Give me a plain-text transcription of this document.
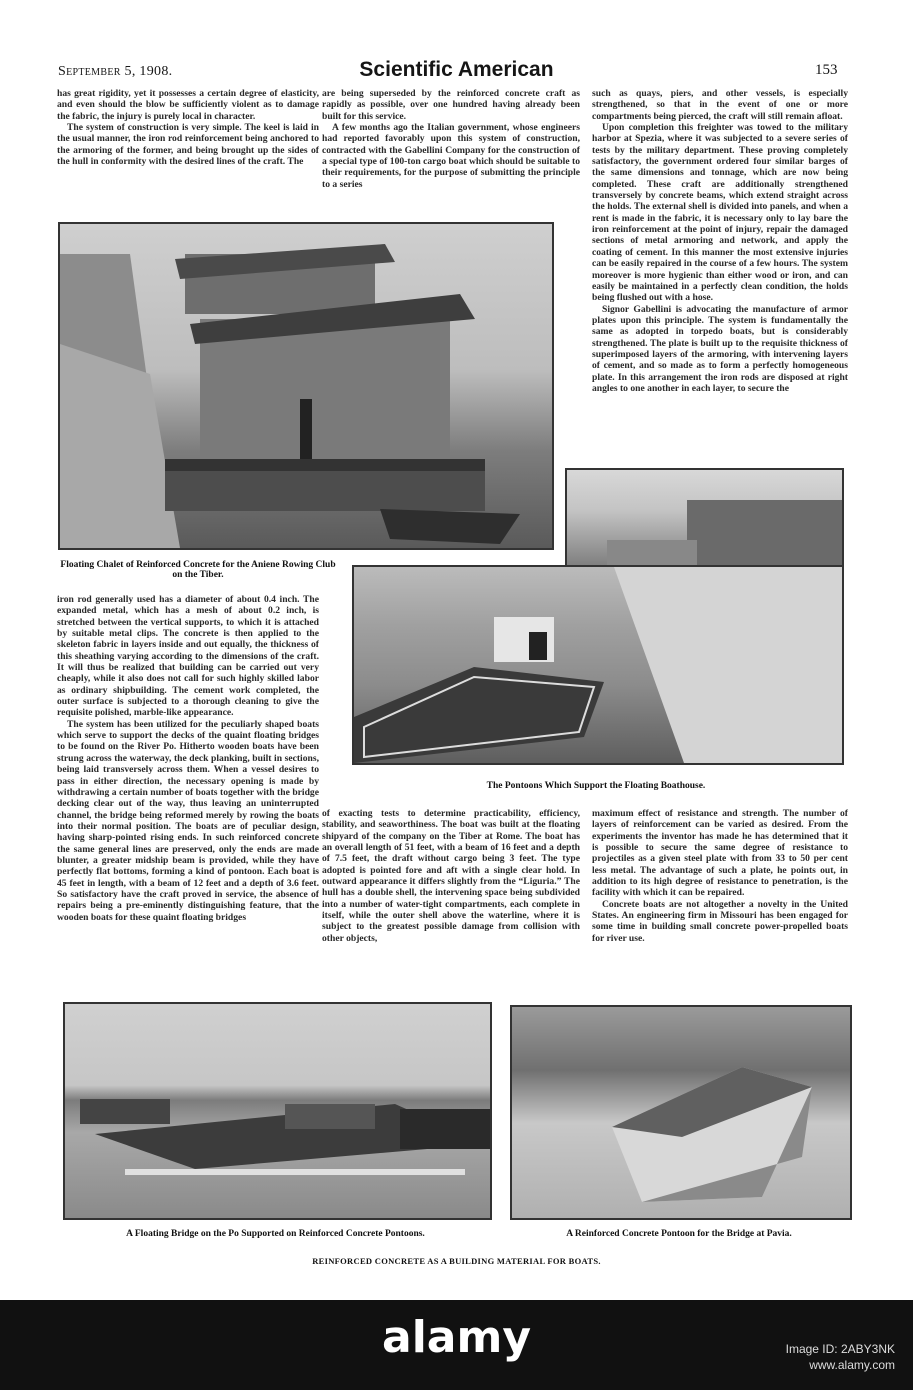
September 5, 1908.	Scientific American	153

has great rigidity, yet it possesses a certain degree of elasticity, and even should the blow be sufficiently violent as to damage the fabric, the injury is purely local in character.

The system of construction is very simple. The keel is laid in the usual manner, the iron rod reinforcement being anchored to the armoring of the former, and being brought up the sides of the hull in conformity with the desired lines of the craft. The

are being superseded by the reinforced concrete craft as rapidly as possible, over one hundred having already been built for this service.

A few months ago the Italian government, whose engineers had reported favorably upon this system of construction, contracted with the Gabellini Company for the construction of a special type of 100-ton cargo boat which should be suitable to their requirements, for the purpose of submitting the principle to a series

such as quays, piers, and other vessels, is especially strengthened, so that in the event of one or more compartments being pierced, the craft will still remain afloat.

Upon completion this freighter was towed to the military harbor at Spezia, where it was subjected to a severe series of tests by the military department. These proving completely satisfactory, the government ordered four similar barges of the same dimensions and tonnage, which are now being completed. These craft are additionally strengthened transversely by concrete beams, which extend straight across the holds. The external shell is divided into panels, and when a rent is made in the fabric, it is necessary only to lay bare the iron reinforcement at the point of injury, repair the damaged sections of metal armoring and network, and apply the coating of cement. In this manner the most extensive injuries can be easily repaired in the course of a few hours. The system moreover is more hygienic than either wood or iron, and can easily be maintained in a perfectly clean condition, the holds being flushed out with a hose.

Signor Gabellini is advocating the manufacture of armor plates upon this principle. The system is fundamentally the same as adopted in torpedo boats, but is considerably strengthened. The plate is built up to the requisite thickness of superimposed layers of the armoring, with intervening layers of cement, and so made as to form a perfectly homogeneous plate. In this arrangement the iron rods are disposed at right angles to one another in each layer, to secure the

Floating Chalet of Reinforced Concrete for the Aniene Rowing Club on the Tiber.
The Pontoons Which Support the Floating Boathouse.

iron rod generally used has a diameter of about 0.4 inch. The expanded metal, which has a mesh of about 0.2 inch, is stretched between the vertical supports, to which it is attached by suitable metal clips. The concrete is then applied to the skeleton fabric in layers inside and out equally, the thickness of this sheathing varying according to the dimensions of the craft. It will thus be realized that building can be carried out very cheaply, while it also does not call for such highly skilled labor as ordinary shipbuilding. The cement work completed, the outer surface is subjected to a thorough cleaning to give the requisite polished, marble-like appearance.

The system has been utilized for the peculiarly shaped boats which serve to support the decks of the quaint floating bridges to be found on the River Po. Hitherto wooden boats have been strung across the waterway, the deck planking, built in sections, being laid transversely across them. When a vessel desires to pass in either direction, the necessary opening is made by withdrawing a certain number of boats together with the bridge decking clear out of the way, thus leaving an uninterrupted channel, the bridge being reformed merely by rowing the boats into their normal position. The boats are of peculiar design, having sharp-pointed rising ends. In such reinforced concrete the same general lines are preserved, only the ends are made blunter, a greater midship beam is provided, while they have perfectly flat bottoms, forming a kind of pontoon. Each boat is 45 feet in length, with a beam of 12 feet and a depth of 3.6 feet. So satisfactory have the craft proved in service, the absence of repairs being a pre-eminently distinguishing feature, that the wooden boats for these quaint floating bridges

of exacting tests to determine practicability, efficiency, stability, and seaworthiness. The boat was built at the floating shipyard of the company on the Tiber at Rome. The boat has an overall length of 51 feet, with a beam of 16 feet and a depth of 7.5 feet, the draft without cargo being 3 feet. The type adopted is pointed fore and aft with a single clear hold. In outward appearance it differs slightly from the “Liguria.” The hull has a double shell, the intervening space being subdivided into a number of water-tight compartments, each complete in itself, while the outer shell above the waterline, where it is subject to the greatest possible damage from collision with other objects,

maximum effect of resistance and strength. The number of layers of reinforcement can be varied as desired. From the experiments the inventor has made he has determined that it is possible to secure the same degree of resistance to projectiles as a given steel plate with from 33 to 50 per cent less metal. The advantage of such a plate, he points out, in addition to its high degree of resistance to penetration, is the facility with which it can be repaired.

Concrete boats are not altogether a novelty in the United States. An engineering firm in Missouri has been engaged for some time in building small concrete power-propelled boats for river use.

A Floating Bridge on the Po Supported on Reinforced Concrete Pontoons.	A Reinforced Concrete Pontoon for the Bridge at Pavia.
REINFORCED CONCRETE AS A BUILDING MATERIAL FOR BOATS.
alamy	Image ID: 2ABY3NK
www.alamy.com
